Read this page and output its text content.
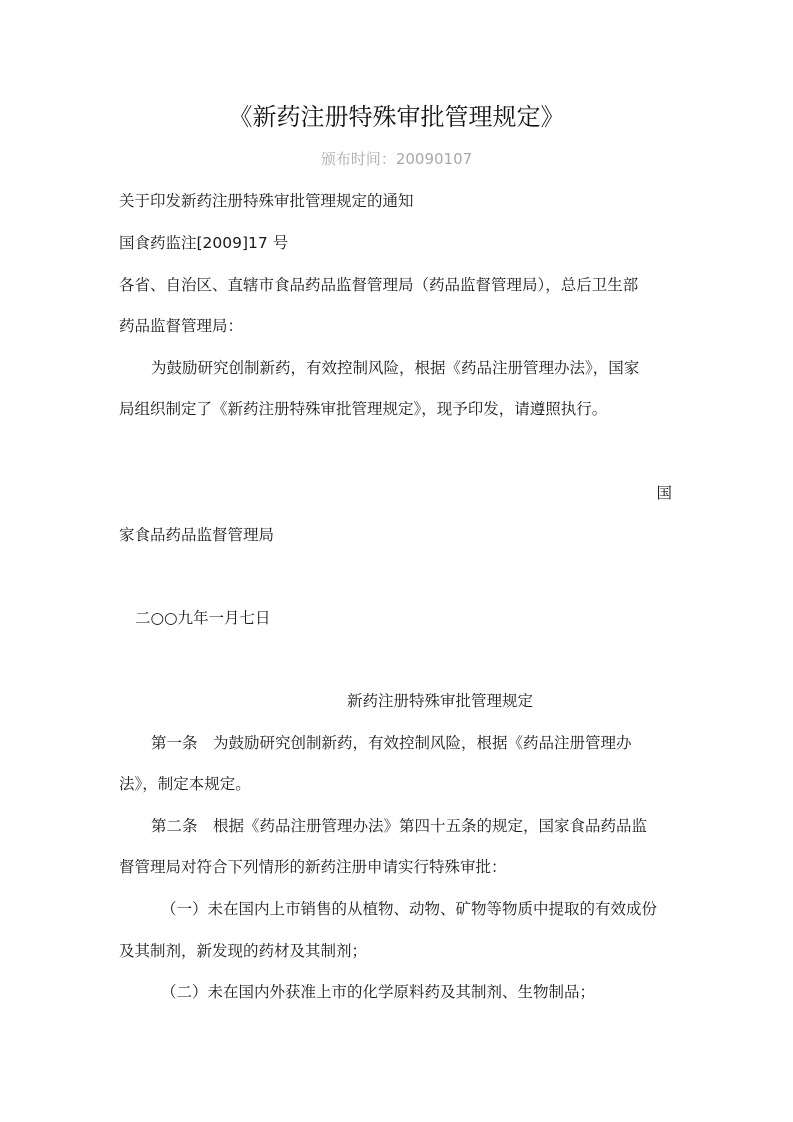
《新药注册特殊审批管理规定》
颁布时间：20090107
关于印发新药注册特殊审批管理规定的通知
国食药监注[2009]17 号
各省、自治区、直辖市食品药品监督管理局（药品监督管理局），总后卫生部
药品监督管理局：
为鼓励研究创制新药，有效控制风险，根据《药品注册管理办法》，国家
局组织制定了《新药注册特殊审批管理规定》，现予印发，请遵照执行。
国
家食品药品监督管理局
二○○九年一月七日
新药注册特殊审批管理规定
第一条　为鼓励研究创制新药，有效控制风险，根据《药品注册管理办
法》，制定本规定。
第二条　根据《药品注册管理办法》第四十五条的规定，国家食品药品监
督管理局对符合下列情形的新药注册申请实行特殊审批：
（一）未在国内上市销售的从植物、动物、矿物等物质中提取的有效成份
及其制剂，新发现的药材及其制剂；
（二）未在国内外获准上市的化学原料药及其制剂、生物制品；
